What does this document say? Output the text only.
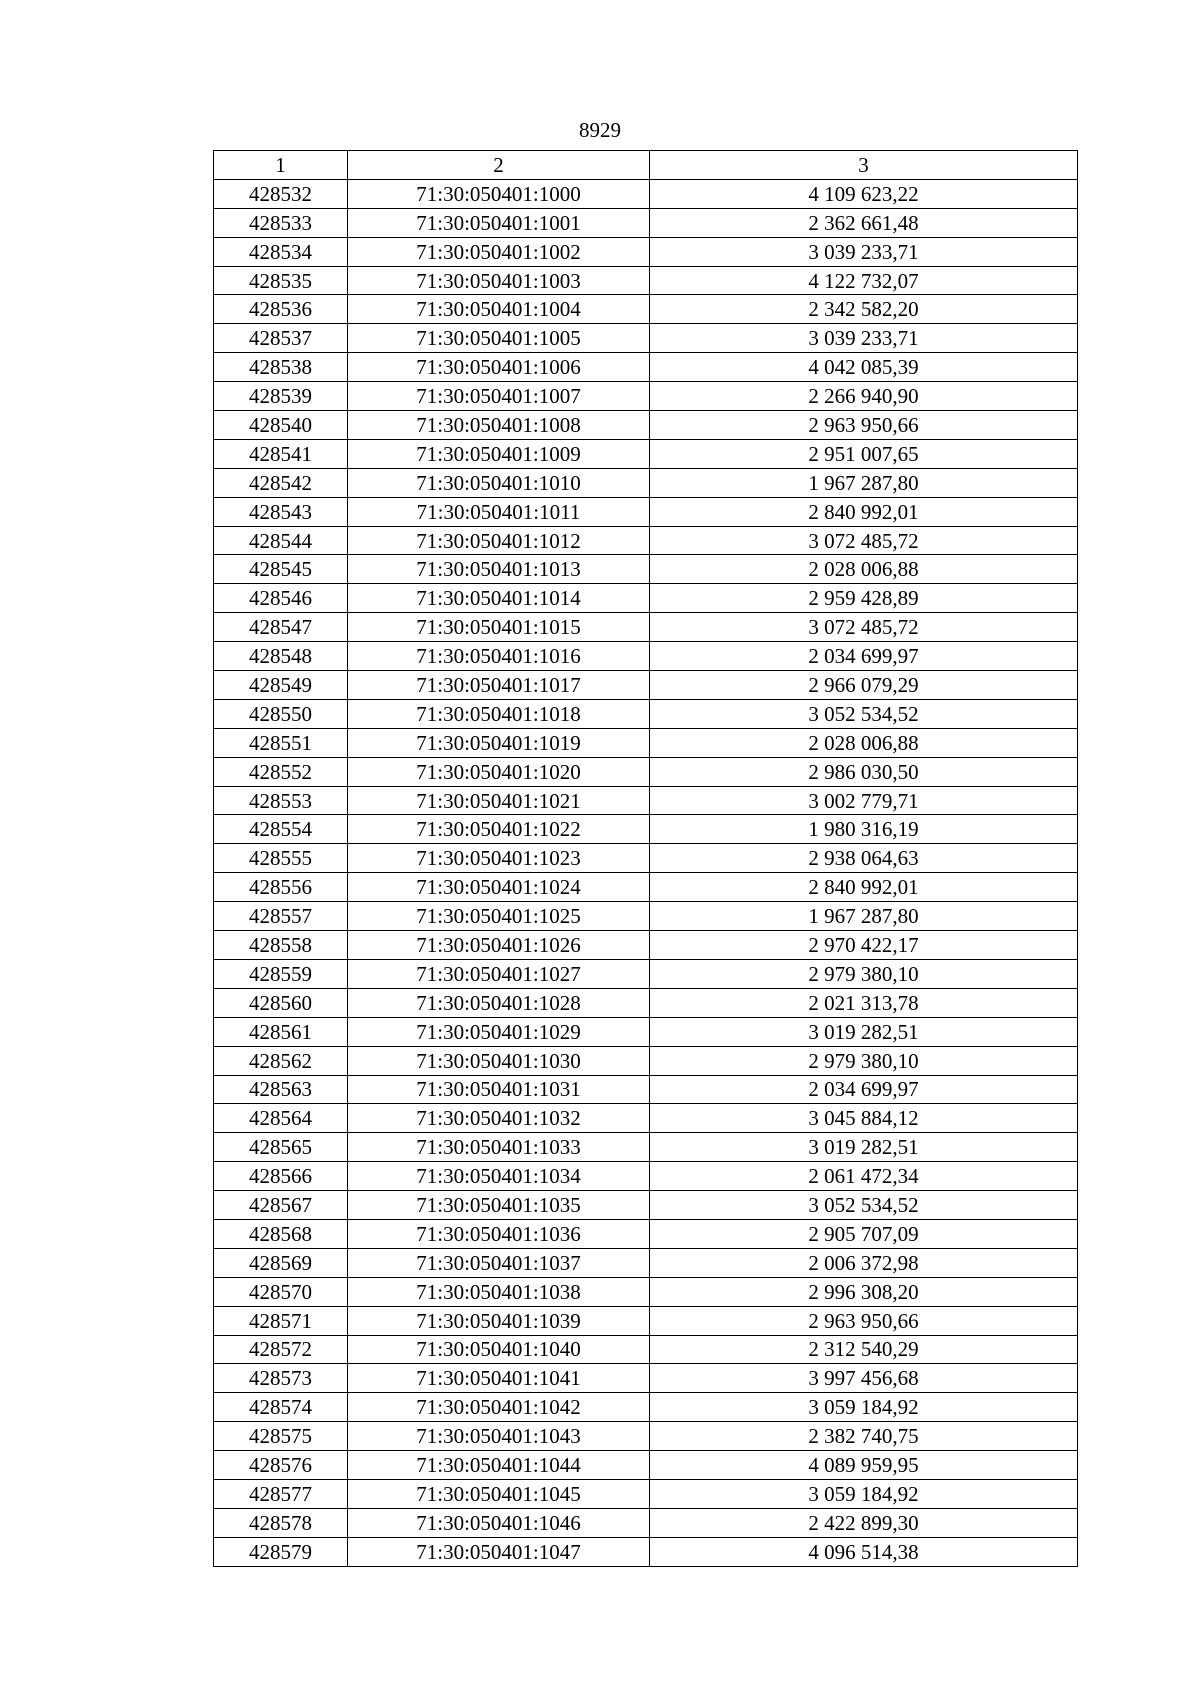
8929
1	2	3
428532	71:30:050401:1000	4 109 623,22
428533	71:30:050401:1001	2 362 661,48
428534	71:30:050401:1002	3 039 233,71
428535	71:30:050401:1003	4 122 732,07
428536	71:30:050401:1004	2 342 582,20
428537	71:30:050401:1005	3 039 233,71
428538	71:30:050401:1006	4 042 085,39
428539	71:30:050401:1007	2 266 940,90
428540	71:30:050401:1008	2 963 950,66
428541	71:30:050401:1009	2 951 007,65
428542	71:30:050401:1010	1 967 287,80
428543	71:30:050401:1011	2 840 992,01
428544	71:30:050401:1012	3 072 485,72
428545	71:30:050401:1013	2 028 006,88
428546	71:30:050401:1014	2 959 428,89
428547	71:30:050401:1015	3 072 485,72
428548	71:30:050401:1016	2 034 699,97
428549	71:30:050401:1017	2 966 079,29
428550	71:30:050401:1018	3 052 534,52
428551	71:30:050401:1019	2 028 006,88
428552	71:30:050401:1020	2 986 030,50
428553	71:30:050401:1021	3 002 779,71
428554	71:30:050401:1022	1 980 316,19
428555	71:30:050401:1023	2 938 064,63
428556	71:30:050401:1024	2 840 992,01
428557	71:30:050401:1025	1 967 287,80
428558	71:30:050401:1026	2 970 422,17
428559	71:30:050401:1027	2 979 380,10
428560	71:30:050401:1028	2 021 313,78
428561	71:30:050401:1029	3 019 282,51
428562	71:30:050401:1030	2 979 380,10
428563	71:30:050401:1031	2 034 699,97
428564	71:30:050401:1032	3 045 884,12
428565	71:30:050401:1033	3 019 282,51
428566	71:30:050401:1034	2 061 472,34
428567	71:30:050401:1035	3 052 534,52
428568	71:30:050401:1036	2 905 707,09
428569	71:30:050401:1037	2 006 372,98
428570	71:30:050401:1038	2 996 308,20
428571	71:30:050401:1039	2 963 950,66
428572	71:30:050401:1040	2 312 540,29
428573	71:30:050401:1041	3 997 456,68
428574	71:30:050401:1042	3 059 184,92
428575	71:30:050401:1043	2 382 740,75
428576	71:30:050401:1044	4 089 959,95
428577	71:30:050401:1045	3 059 184,92
428578	71:30:050401:1046	2 422 899,30
428579	71:30:050401:1047	4 096 514,38
